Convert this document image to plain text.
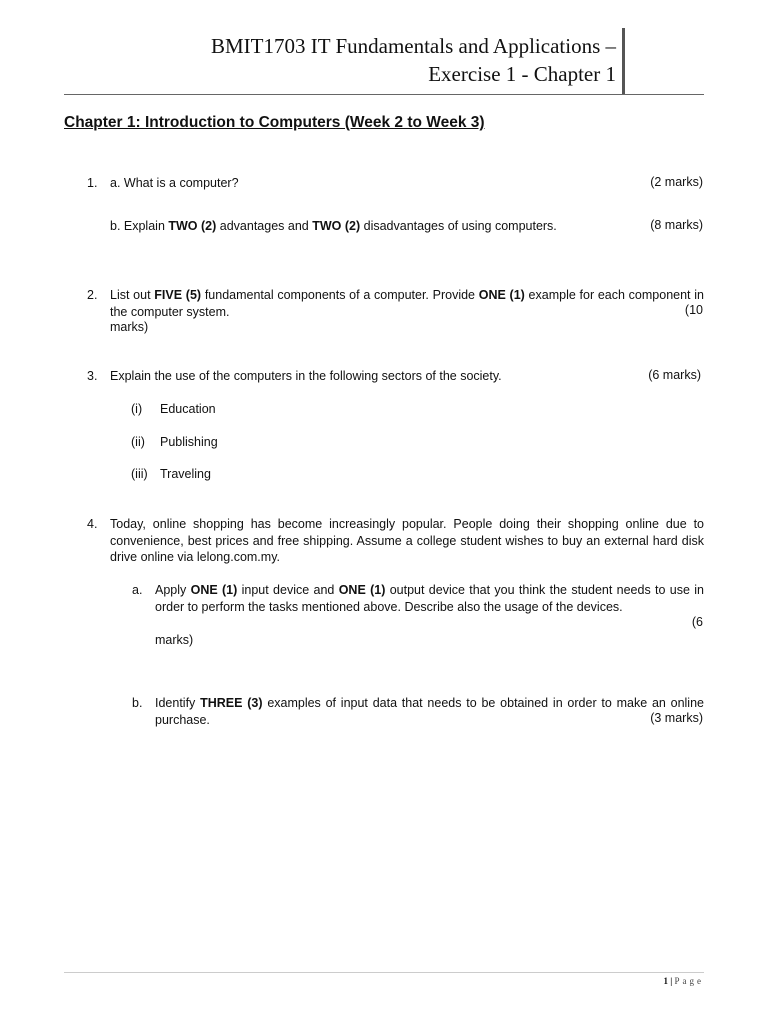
BMIT1703 IT Fundamentals and Applications –
Exercise 1 - Chapter 1
Chapter 1: Introduction to Computers (Week 2 to Week 3)
1. a. What is a computer?	(2 marks)
b. Explain TWO (2) advantages and TWO (2) disadvantages of using computers.	(8 marks)
2. List out FIVE (5) fundamental components of a computer. Provide ONE (1) example for each component in the computer system.	(10
marks)
3. Explain the use of the computers in the following sectors of the society.	(6 marks)
(i) Education
(ii) Publishing
(iii) Traveling
4. Today, online shopping has become increasingly popular. People doing their shopping online due to convenience, best prices and free shipping. Assume a college student wishes to buy an external hard disk drive online via lelong.com.my.
a. Apply ONE (1) input device and ONE (1) output device that you think the student needs to use in order to perform the tasks mentioned above. Describe also the usage of the devices.
(6
marks)
b. Identify THREE (3) examples of input data that needs to be obtained in order to make an online purchase.	(3 marks)
1 | Page
